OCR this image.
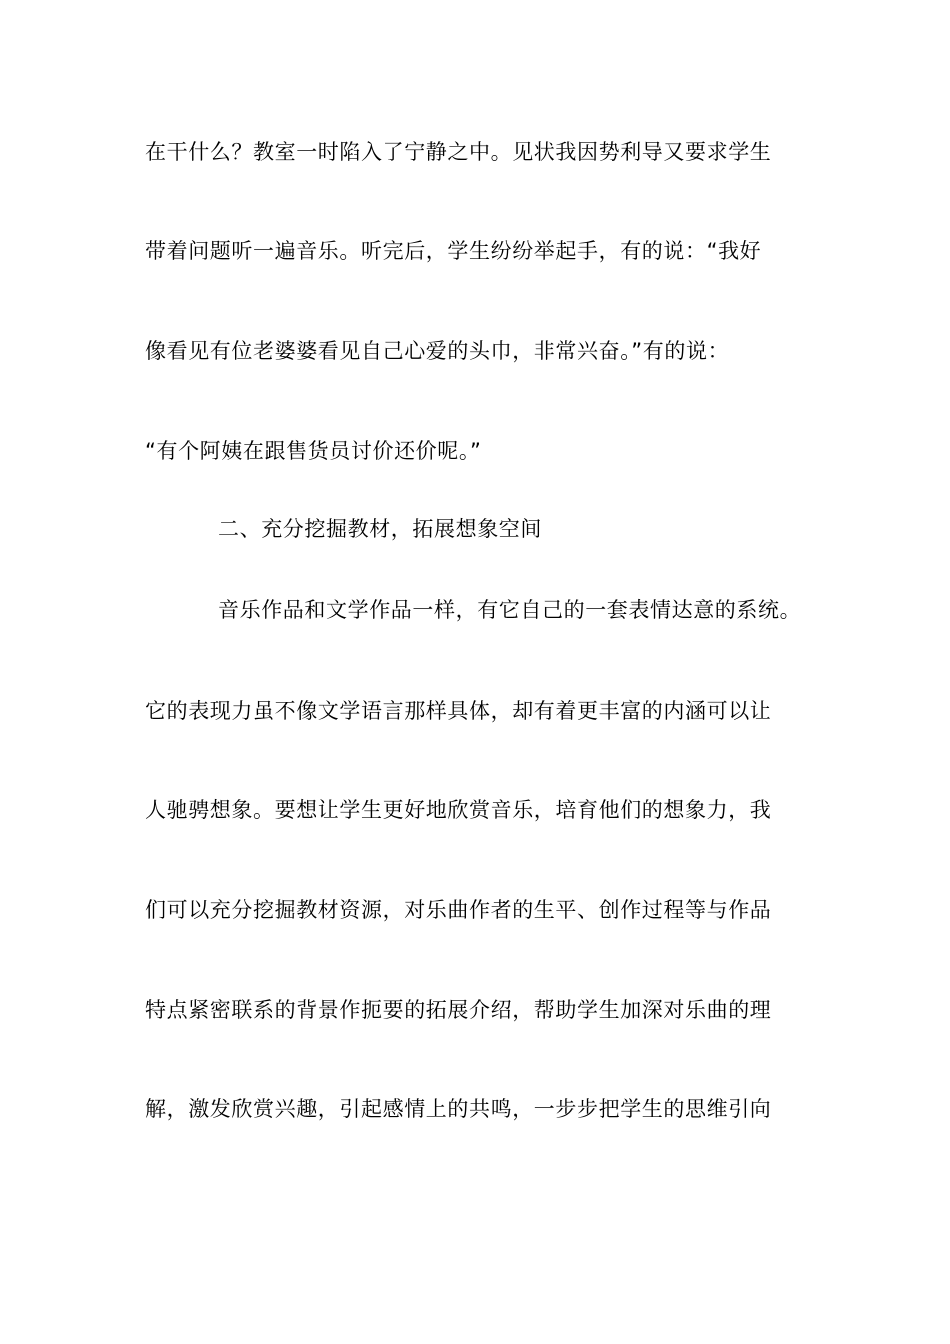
在干什么？教室一时陷入了宁静之中。见状我因势利导又要求学生
带着问题听一遍音乐。听完后，学生纷纷举起手，有的说：“我好
像看见有位老婆婆看见自己心爱的头巾，非常兴奋。”有的说：
“有个阿姨在跟售货员讨价还价呢。”
二、充分挖掘教材，拓展想象空间
音乐作品和文学作品一样，有它自己的一套表情达意的系统。
它的表现力虽不像文学语言那样具体，却有着更丰富的内涵可以让
人驰骋想象。要想让学生更好地欣赏音乐，培育他们的想象力，我
们可以充分挖掘教材资源，对乐曲作者的生平、创作过程等与作品
特点紧密联系的背景作扼要的拓展介绍，帮助学生加深对乐曲的理
解，激发欣赏兴趣，引起感情上的共鸣，一步步把学生的思维引向
